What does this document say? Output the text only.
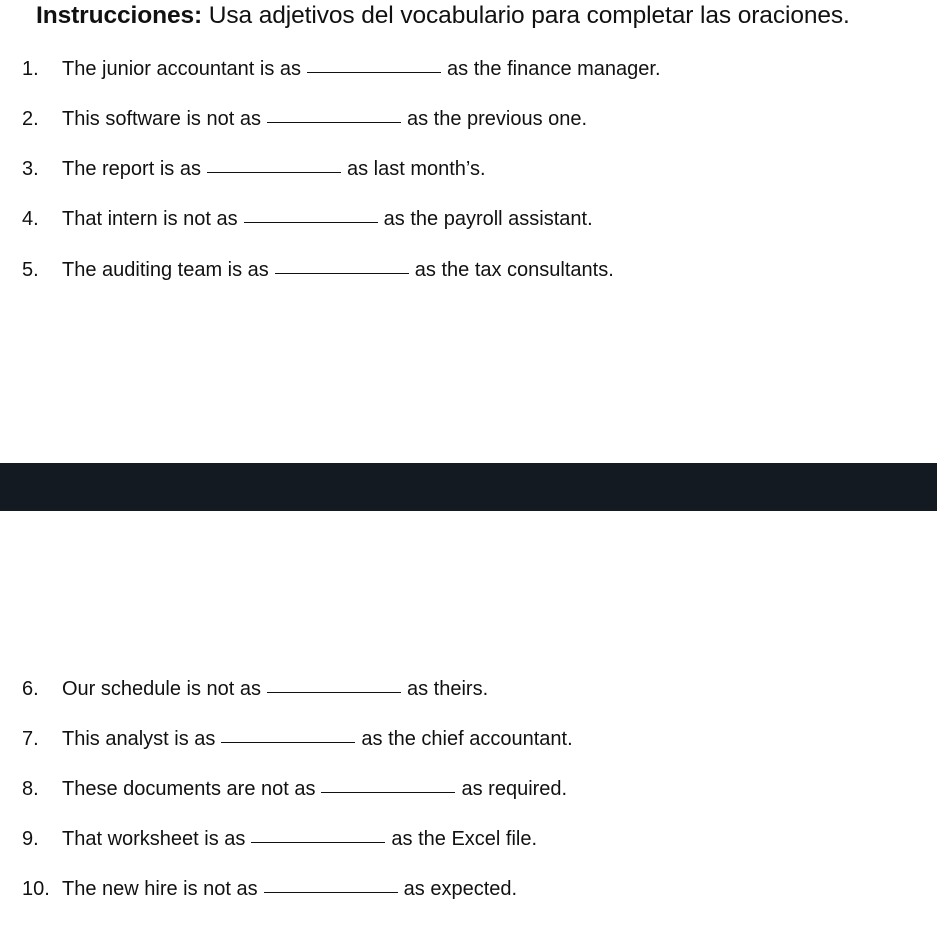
Instrucciones: Usa adjetivos del vocabulario para completar las oraciones.
1.	The junior accountant is as	as the finance manager.
2.	This software is not as	as the previous one.
3.	The report is as	as last month’s.
4.	That intern is not as	as the payroll assistant.
5.	The auditing team is as	as the tax consultants.
6.	Our schedule is not as	as theirs.
7.	This analyst is as	as the chief accountant.
8.	These documents are not as	as required.
9.	That worksheet is as	as the Excel file.
10. The new hire is not as	as expected.
